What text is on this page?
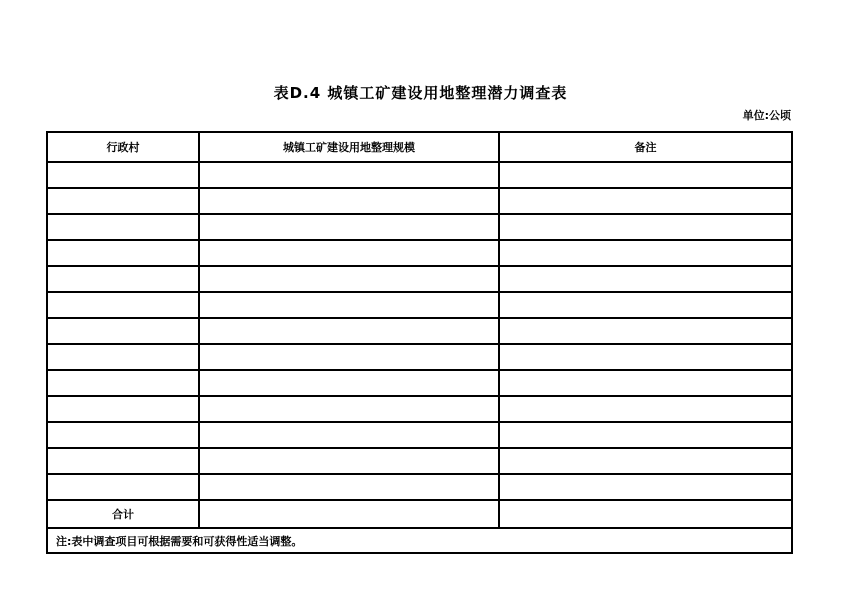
表D.4 城镇工矿建设用地整理潜力调查表
单位:公顷
行政村	城镇工矿建设用地整理规模	备注

合计		
注:表中调查项目可根据需要和可获得性适当调整。		
